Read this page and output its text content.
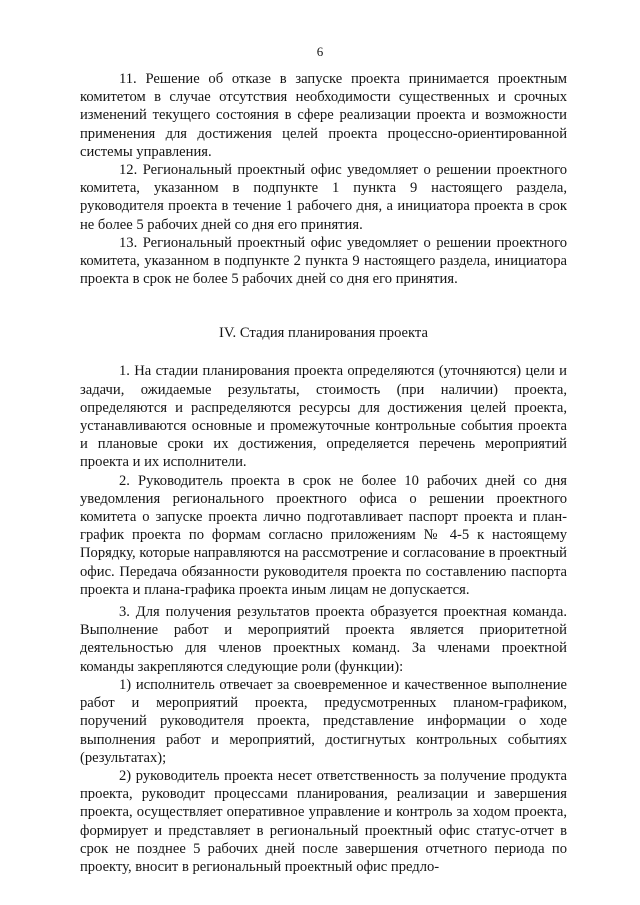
6

11. Решение об отказе в запуске проекта принимается проектным комитетом в случае отсутствия необходимости существенных и срочных изменений текущего состояния в сфере реализации проекта и возможности применения для достижения целей проекта процессно-ориентированной системы управления.

12. Региональный проектный офис уведомляет о решении проектного комитета, указанном в подпункте 1 пункта 9 настоящего раздела, руководителя проекта в течение 1 рабочего дня, а инициатора проекта в срок не более 5 рабочих дней со дня его принятия.

13. Региональный проектный офис уведомляет о решении проектного комитета, указанном в подпункте 2 пункта 9 настоящего раздела, инициатора проекта в срок не более 5 рабочих дней со дня его принятия.

IV. Стадия планирования проекта

1. На стадии планирования проекта определяются (уточняются) цели и задачи, ожидаемые результаты, стоимость (при наличии) проекта, определяются и распределяются ресурсы для достижения целей проекта, устанавливаются основные и промежуточные контрольные события проекта и плановые сроки их достижения, определяется перечень мероприятий проекта и их исполнители.

2. Руководитель проекта в срок не более 10 рабочих дней со дня уведомления регионального проектного офиса о решении проектного комитета о запуске проекта лично подготавливает паспорт проекта и план-график проекта по формам согласно приложениям № 4-5 к настоящему Порядку, которые направляются на рассмотрение и согласование в проектный офис. Передача обязанности руководителя проекта по составлению паспорта проекта и плана-графика проекта иным лицам не допускается.

3. Для получения результатов проекта образуется проектная команда. Выполнение работ и мероприятий проекта является приоритетной деятельностью для членов проектных команд. За членами проектной команды закрепляются следующие роли (функции):

1) исполнитель отвечает за своевременное и качественное выполнение работ и мероприятий проекта, предусмотренных планом-графиком, поручений руководителя проекта, представление информации о ходе выполнения работ и мероприятий, достигнутых контрольных событиях (результатах);

2) руководитель проекта несет ответственность за получение продукта проекта, руководит процессами планирования, реализации и завершения проекта, осуществляет оперативное управление и контроль за ходом проекта, формирует и представляет в региональный проектный офис статус-отчет в срок не позднее 5 рабочих дней после завершения отчетного периода по проекту, вносит в региональный проектный офис предло-
